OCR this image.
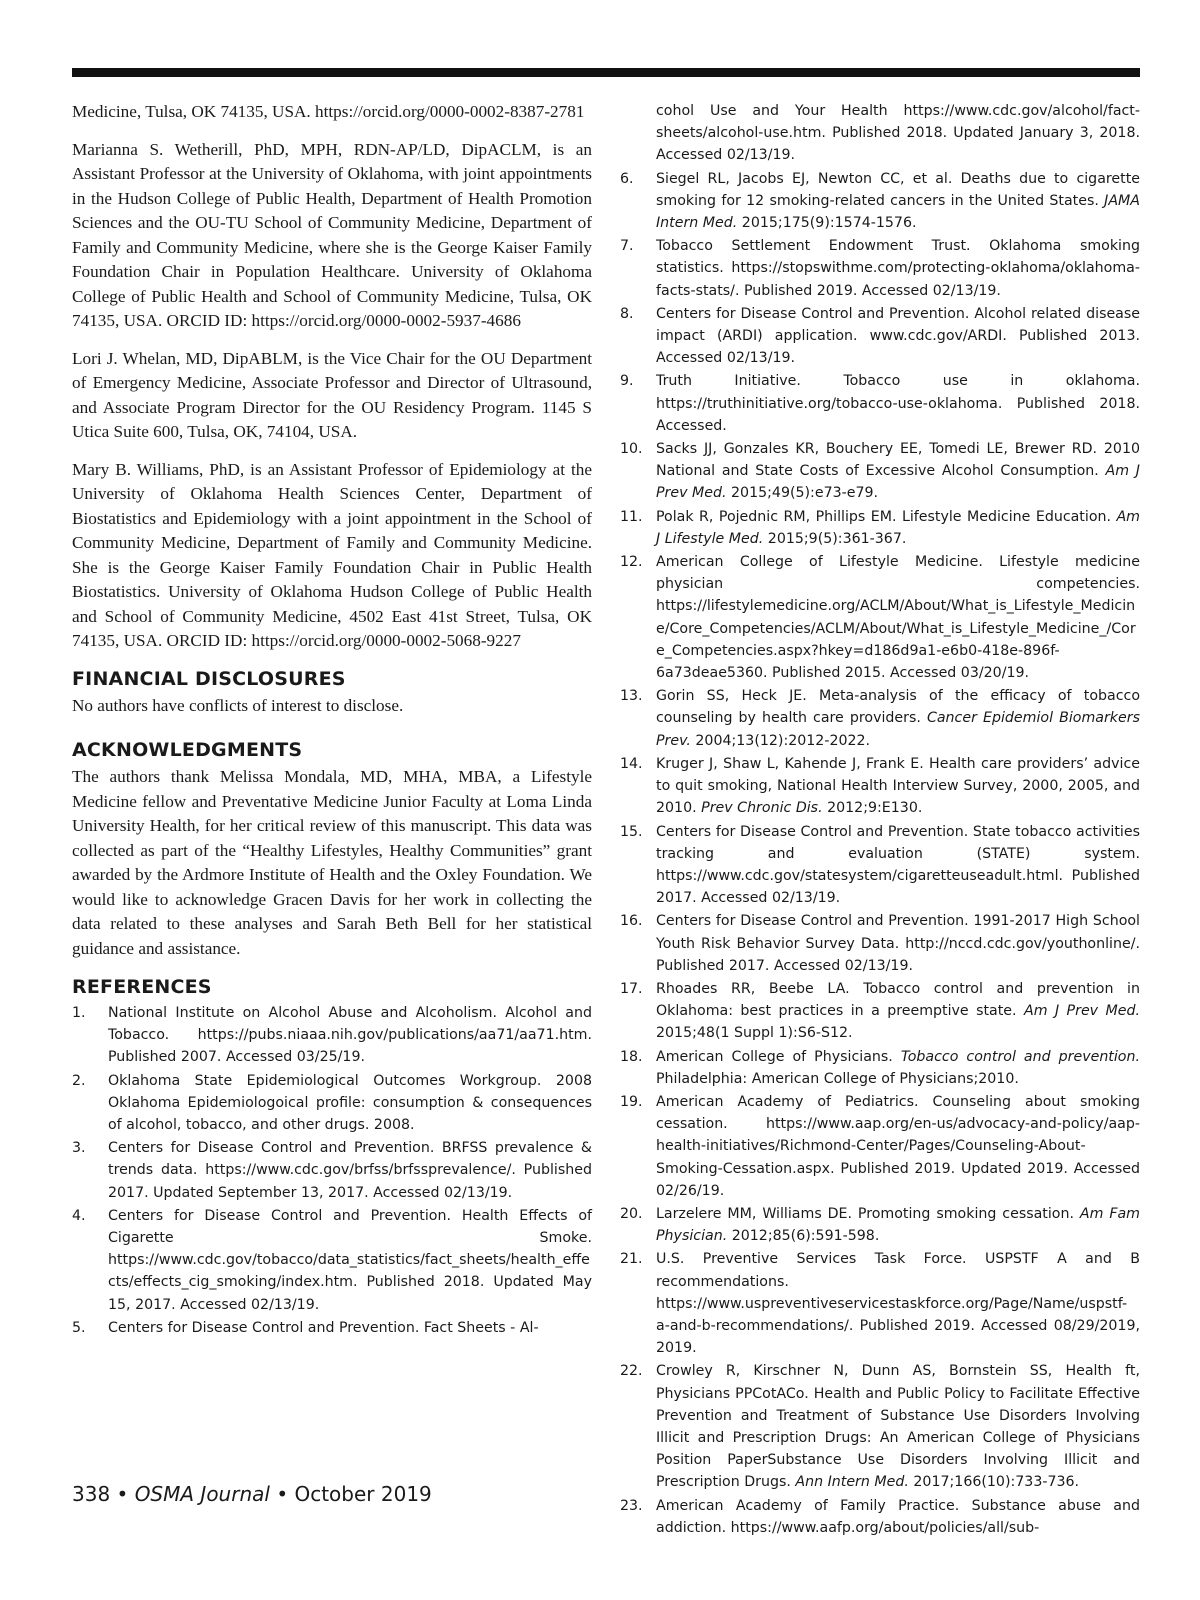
Medicine, Tulsa, OK 74135, USA. https://orcid.org/0000-0002-8387-2781

Marianna S. Wetherill, PhD, MPH, RDN-AP/LD, DipACLM, is an Assistant Professor at the University of Oklahoma, with joint appointments in the Hudson College of Public Health, Department of Health Promotion Sciences and the OU-TU School of Community Medicine, Department of Family and Community Medicine, where she is the George Kaiser Family Foundation Chair in Population Healthcare. University of Oklahoma College of Public Health and School of Community Medicine, Tulsa, OK 74135, USA. ORCID ID: https://orcid.org/0000-0002-5937-4686

Lori J. Whelan, MD, DipABLM, is the Vice Chair for the OU Department of Emergency Medicine, Associate Professor and Director of Ultrasound, and Associate Program Director for the OU Residency Program. 1145 S Utica Suite 600, Tulsa, OK, 74104, USA.

Mary B. Williams, PhD, is an Assistant Professor of Epidemiology at the University of Oklahoma Health Sciences Center, Department of Biostatistics and Epidemiology with a joint appointment in the School of Community Medicine, Department of Family and Community Medicine. She is the George Kaiser Family Foundation Chair in Public Health Biostatistics. University of Oklahoma Hudson College of Public Health and School of Community Medicine, 4502 East 41st Street, Tulsa, OK 74135, USA. ORCID ID: https://orcid.org/0000-0002-5068-9227

FINANCIAL DISCLOSURES

No authors have conflicts of interest to disclose.

ACKNOWLEDGMENTS

The authors thank Melissa Mondala, MD, MHA, MBA, a Lifestyle Medicine fellow and Preventative Medicine Junior Faculty at Loma Linda University Health, for her critical review of this manuscript. This data was collected as part of the “Healthy Lifestyles, Healthy Communities” grant awarded by the Ardmore Institute of Health and the Oxley Foundation. We would like to acknowledge Gracen Davis for her work in collecting the data related to these analyses and Sarah Beth Bell for her statistical guidance and assistance.

REFERENCES

1. National Institute on Alcohol Abuse and Alcoholism. Alcohol and Tobacco. https://pubs.niaaa.nih.gov/publications/aa71/aa71.htm. Published 2007. Accessed 03/25/19.

2. Oklahoma State Epidemiological Outcomes Workgroup. 2008 Oklahoma Epidemiologoical profile: consumption & consequences of alcohol, tobacco, and other drugs. 2008.

3. Centers for Disease Control and Prevention. BRFSS prevalence & trends data. https://www.cdc.gov/brfss/brfssprevalence/. Published 2017. Updated September 13, 2017. Accessed 02/13/19.

4. Centers for Disease Control and Prevention. Health Effects of Cigarette Smoke. https://www.cdc.gov/tobacco/data_statistics/fact_sheets/health_effects/effects_cig_smoking/index.htm. Published 2018. Updated May 15, 2017. Accessed 02/13/19.

5. Centers for Disease Control and Prevention. Fact Sheets - Al-

cohol Use and Your Health https://www.cdc.gov/alcohol/fact-sheets/alcohol-use.htm. Published 2018. Updated January 3, 2018. Accessed 02/13/19.

6. Siegel RL, Jacobs EJ, Newton CC, et al. Deaths due to cigarette smoking for 12 smoking-related cancers in the United States. JAMA Intern Med. 2015;175(9):1574-1576.

7. Tobacco Settlement Endowment Trust. Oklahoma smoking statistics. https://stopswithme.com/protecting-oklahoma/oklahoma-facts-stats/. Published 2019. Accessed 02/13/19.

8. Centers for Disease Control and Prevention. Alcohol related disease impact (ARDI) application. www.cdc.gov/ARDI. Published 2013. Accessed 02/13/19.

9. Truth Initiative. Tobacco use in oklahoma. https://truthinitiative.org/tobacco-use-oklahoma. Published 2018. Accessed.

10. Sacks JJ, Gonzales KR, Bouchery EE, Tomedi LE, Brewer RD. 2010 National and State Costs of Excessive Alcohol Consumption. Am J Prev Med. 2015;49(5):e73-e79.

11. Polak R, Pojednic RM, Phillips EM. Lifestyle Medicine Education. Am J Lifestyle Med. 2015;9(5):361-367.

12. American College of Lifestyle Medicine. Lifestyle medicine physician competencies. https://lifestylemedicine.org/ACLM/About/What_is_Lifestyle_Medicine/Core_Competencies/ACLM/About/What_is_Lifestyle_Medicine_/Core_Competencies.aspx?hkey=d186d9a1-e6b0-418e-896f-6a73deae5360. Published 2015. Accessed 03/20/19.

13. Gorin SS, Heck JE. Meta-analysis of the efficacy of tobacco counseling by health care providers. Cancer Epidemiol Biomarkers Prev. 2004;13(12):2012-2022.

14. Kruger J, Shaw L, Kahende J, Frank E. Health care providers’ advice to quit smoking, National Health Interview Survey, 2000, 2005, and 2010. Prev Chronic Dis. 2012;9:E130.

15. Centers for Disease Control and Prevention. State tobacco activities tracking and evaluation (STATE) system. https://www.cdc.gov/statesystem/cigaretteuseadult.html. Published 2017. Accessed 02/13/19.

16. Centers for Disease Control and Prevention. 1991-2017 High School Youth Risk Behavior Survey Data. http://nccd.cdc.gov/youthonline/. Published 2017. Accessed 02/13/19.

17. Rhoades RR, Beebe LA. Tobacco control and prevention in Oklahoma: best practices in a preemptive state. Am J Prev Med. 2015;48(1 Suppl 1):S6-S12.

18. American College of Physicians. Tobacco control and prevention. Philadelphia: American College of Physicians;2010.

19. American Academy of Pediatrics. Counseling about smoking cessation. https://www.aap.org/en-us/advocacy-and-policy/aap-health-initiatives/Richmond-Center/Pages/Counseling-About-Smoking-Cessation.aspx. Published 2019. Updated 2019. Accessed 02/26/19.

20. Larzelere MM, Williams DE. Promoting smoking cessation. Am Fam Physician. 2012;85(6):591-598.

21. U.S. Preventive Services Task Force. USPSTF A and B recommendations. https://www.uspreventiveservicestaskforce.org/Page/Name/uspstf-a-and-b-recommendations/. Published 2019. Accessed 08/29/2019, 2019.

22. Crowley R, Kirschner N, Dunn AS, Bornstein SS, Health ft, Physicians PPCotACo. Health and Public Policy to Facilitate Effective Prevention and Treatment of Substance Use Disorders Involving Illicit and Prescription Drugs: An American College of Physicians Position PaperSubstance Use Disorders Involving Illicit and Prescription Drugs. Ann Intern Med. 2017;166(10):733-736.

23. American Academy of Family Practice. Substance abuse and addiction. https://www.aafp.org/about/policies/all/sub-

338 • OSMA Journal • October 2019
